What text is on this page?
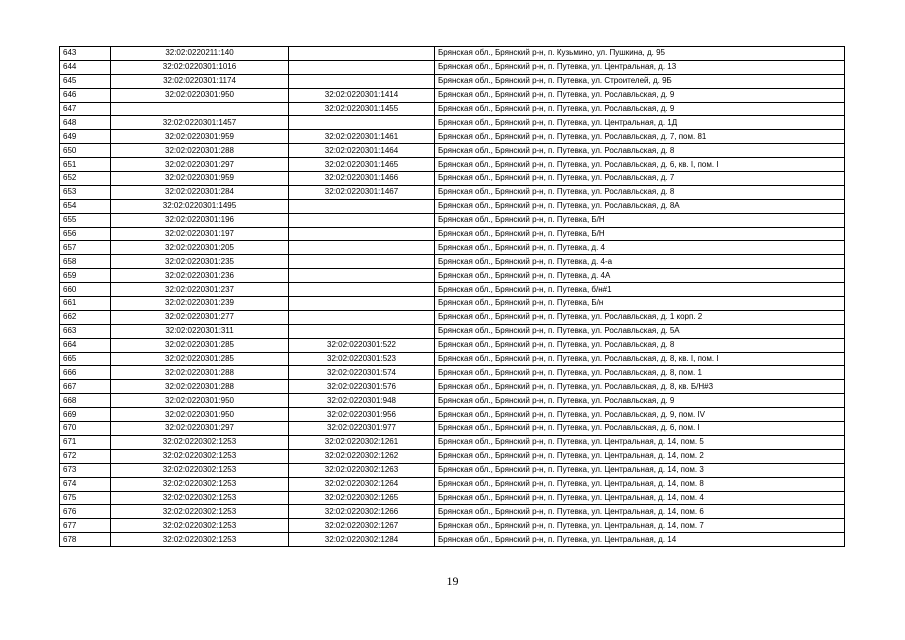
643	32:02:0220211:140		Брянская обл., Брянский р-н, п. Кузьмино, ул. Пушкина, д. 95
644	32:02:0220301:1016		Брянская обл., Брянский р-н, п. Путевка, ул. Центральная, д. 13
645	32:02:0220301:1174		Брянская обл., Брянский р-н, п. Путевка, ул. Строителей, д. 9Б
646	32:02:0220301:950	32:02:0220301:1414	Брянская обл., Брянский р-н, п. Путевка, ул. Рославльская, д. 9
647		32:02:0220301:1455	Брянская обл., Брянский р-н, п. Путевка, ул. Рославльская, д. 9
648	32:02:0220301:1457		Брянская обл., Брянский р-н, п. Путевка, ул. Центральная, д. 1Д
649	32:02:0220301:959	32:02:0220301:1461	Брянская обл., Брянский р-н, п. Путевка, ул. Рославльская, д. 7, пом. 81
650	32:02:0220301:288	32:02:0220301:1464	Брянская обл., Брянский р-н, п. Путевка, ул. Рославльская, д. 8
651	32:02:0220301:297	32:02:0220301:1465	Брянская обл., Брянский р-н, п. Путевка, ул. Рославльская, д. 6, кв. I, пом. I
652	32:02:0220301:959	32:02:0220301:1466	Брянская обл., Брянский р-н, п. Путевка, ул. Рославльская, д. 7
653	32:02:0220301:284	32:02:0220301:1467	Брянская обл., Брянский р-н, п. Путевка, ул. Рославльская, д. 8
654	32:02:0220301:1495		Брянская обл., Брянский р-н, п. Путевка, ул. Рославльская, д. 8А
655	32:02:0220301:196		Брянская обл., Брянский р-н, п. Путевка, Б/Н
656	32:02:0220301:197		Брянская обл., Брянский р-н, п. Путевка, Б/Н
657	32:02:0220301:205		Брянская обл., Брянский р-н, п. Путевка, д. 4
658	32:02:0220301:235		Брянская обл., Брянский р-н, п. Путевка, д. 4-а
659	32:02:0220301:236		Брянская обл., Брянский р-н, п. Путевка, д. 4А
660	32:02:0220301:237		Брянская обл., Брянский р-н, п. Путевка, б/н#1
661	32:02:0220301:239		Брянская обл., Брянский р-н, п. Путевка, Б/н
662	32:02:0220301:277		Брянская обл., Брянский р-н, п. Путевка, ул. Рославльская, д. 1 корп. 2
663	32:02:0220301:311		Брянская обл., Брянский р-н, п. Путевка, ул. Рославльская, д. 5А
664	32:02:0220301:285	32:02:0220301:522	Брянская обл., Брянский р-н, п. Путевка, ул. Рославльская, д. 8
665	32:02:0220301:285	32:02:0220301:523	Брянская обл., Брянский р-н, п. Путевка, ул. Рославльская, д. 8, кв. I, пом. I
666	32:02:0220301:288	32:02:0220301:574	Брянская обл., Брянский р-н, п. Путевка, ул. Рославльская, д. 8, пом. 1
667	32:02:0220301:288	32:02:0220301:576	Брянская обл., Брянский р-н, п. Путевка, ул. Рославльская, д. 8, кв. Б/Н#3
668	32:02:0220301:950	32:02:0220301:948	Брянская обл., Брянский р-н, п. Путевка, ул. Рославльская, д. 9
669	32:02:0220301:950	32:02:0220301:956	Брянская обл., Брянский р-н, п. Путевка, ул. Рославльская, д. 9, пом. IV
670	32:02:0220301:297	32:02:0220301:977	Брянская обл., Брянский р-н, п. Путевка, ул. Рославльская, д. 6, пом. I
671	32:02:0220302:1253	32:02:0220302:1261	Брянская обл., Брянский р-н, п. Путевка, ул. Центральная, д. 14, пом. 5
672	32:02:0220302:1253	32:02:0220302:1262	Брянская обл., Брянский р-н, п. Путевка, ул. Центральная, д. 14, пом. 2
673	32:02:0220302:1253	32:02:0220302:1263	Брянская обл., Брянский р-н, п. Путевка, ул. Центральная, д. 14, пом. 3
674	32:02:0220302:1253	32:02:0220302:1264	Брянская обл., Брянский р-н, п. Путевка, ул. Центральная, д. 14, пом. 8
675	32:02:0220302:1253	32:02:0220302:1265	Брянская обл., Брянский р-н, п. Путевка, ул. Центральная, д. 14, пом. 4
676	32:02:0220302:1253	32:02:0220302:1266	Брянская обл., Брянский р-н, п. Путевка, ул. Центральная, д. 14, пом. 6
677	32:02:0220302:1253	32:02:0220302:1267	Брянская обл., Брянский р-н, п. Путевка, ул. Центральная, д. 14, пом. 7
678	32:02:0220302:1253	32:02:0220302:1284	Брянская обл., Брянский р-н, п. Путевка, ул. Центральная, д. 14
19
